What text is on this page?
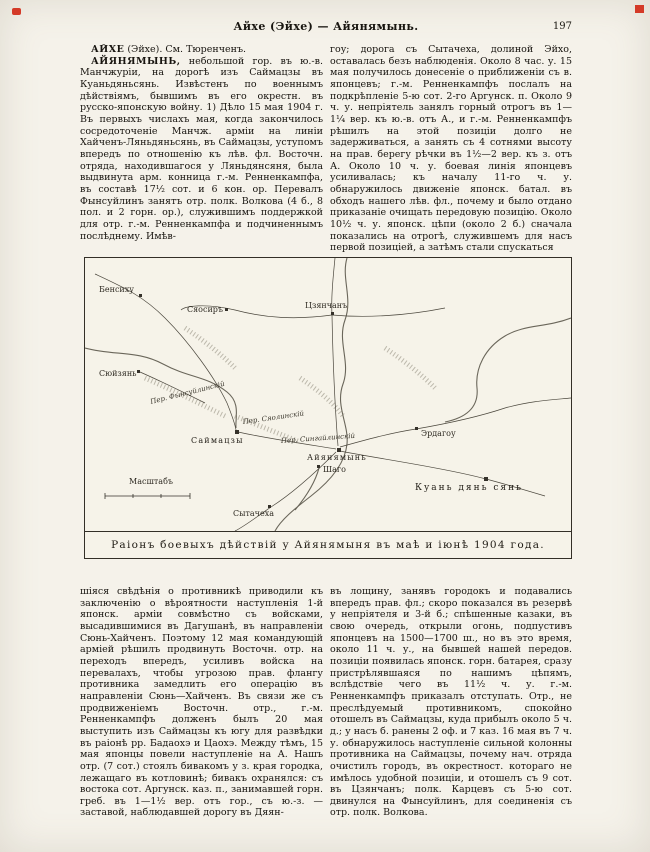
Айхе (Эйхе) — Айянямынь.	197

АЙХЕ (Эйхе). См. Тюренченъ.

АЙЯНЯМЫНЬ, небольшой гор. въ ю.-в. Манчжуріи, на дорогѣ изъ Саймацзы въ Куаньдяньсянь. Извѣстенъ по военнымъ дѣйствіямъ, бывшимъ въ его окрестн. въ русско-японскую войну. 1) Дѣло 15 мая 1904 г. Въ первыхъ числахъ мая, когда закончилось сосредоточеніе Манчж. арміи на линіи Хайченъ-Ляньдяньсянь, въ Саймацзы, уступомъ впередъ по отношенію къ лѣв. фл. Восточн. отряда, находившагося у Ляньдянсяня, была выдвинута арм. конница г.-м. Ренненкампфа, въ составѣ 17½ сот. и 6 кон. ор. Перевалъ Фынсуйлинъ занятъ отр. полк. Волкова (4 б., 8 пол. и 2 горн. ор.), служившимъ поддержкой для отр. г.-м. Ренненкампфа и подчиненнымъ послѣднему. Имѣв-

гоу; дорога съ Сытачеха, долиной Эйхо, оставалась безъ наблюденія. Около 8 час. у. 15 мая получилось донесеніе о приближеніи съ в. японцевъ; г.-м. Ренненкампфъ послалъ на подкрѣпленіе 5-ю сот. 2-го Аргунск. п. Около 9 ч. у. непріятель занялъ горный отрогъ въ 1—1¼ вер. къ ю.-в. отъ А., и г.-м. Ренненкампфъ рѣшилъ на этой позиціи долго не задерживаться, а занять съ 4 сотнями высоту на прав. берегу рѣчки въ 1½—2 вер. къ з. отъ А. Около 10 ч. у. боевая линія японцевъ усиливалась; къ началу 11-го ч. у. обнаружилось движеніе японск. батал. въ обходъ нашего лѣв. фл., почему и было отдано приказаніе очищать передовую позицію. Около 10½ ч. у. японск. цѣпи (около 2 б.) сначала показались на отрогѣ, служившемъ для насъ первой позиціей, а затѣмъ стали спускаться

Бенсиху
Сяосиръ	Цзянчанъ
Сюйзянь
Пер. Фынсуйлинскій
Пер. Сяолинскій
Пер. Сингайлинскій
Саймацзы
Айянямынь
Шаго
Эрдагоу
Куань дянь сянь
Сытачеха
Масштабъ
Раіонъ боевыхъ дѣйствій у Айянямыня въ маѣ и іюнѣ 1904 года.

шіяся свѣдѣнія о противникѣ приводили къ заключенію о вѣроятности наступленія 1-й японск. арміи совмѣстно съ войсками, высадившимися въ Дагушанѣ, въ направленіи Сюнь-Хайченъ. Поэтому 12 мая командующій арміей рѣшилъ продвинуть Восточн. отр. на переходъ впередъ, усиливъ войска на перевалахъ, чтобы угрозою прав. флангу противника замедлить его операцію въ направленіи Сюнь—Хайченъ. Въ связи же съ продвиженіемъ Восточн. отр., г.-м. Ренненкампфъ долженъ былъ 20 мая выступить изъ Саймацзы къ югу для развѣдки въ раіонѣ рр. Бадаохэ и Цаохэ. Между тѣмъ, 15 мая японцы повели наступленіе на А. Нашъ отр. (7 сот.) стоялъ бивакомъ у з. края городка, лежащаго въ котловинѣ; бивакъ охранялся: съ востока сот. Аргунск. каз. п., занимавшей горн. греб. въ 1—1½ вер. отъ гор., съ ю.-з. — заставой, наблюдавшей дорогу въ Дяян-

въ лощину, занявъ городокъ и подавались впередъ прав. фл.; скоро показался въ резервѣ у непріятеля и 3-й б.; спѣшенные казаки, въ свою очередь, открыли огонь, подпустивъ японцевъ на 1500—1700 ш., но въ это время, около 11 ч. у., на бывшей нашей передов. позиціи появилась японск. горн. батарея, сразу пристрѣлявшаяся по нашимъ цѣпямъ, вслѣдствіе чего въ 11½ ч. у. г.-м. Ренненкампфъ приказалъ отступать. Отр., не преслѣдуемый противникомъ, спокойно отошелъ въ Саймацзы, куда прибылъ около 5 ч. д.; у насъ б. ранены 2 оф. и 7 каз. 16 мая въ 7 ч. у. обнаружилось наступленіе сильной колонны противника на Саймацзы, почему нач. отряда очистилъ городъ, въ окрестност. котораго не имѣлось удобной позиціи, и отошелъ съ 9 сот. въ Цзянчанъ; полк. Карцевъ съ 5-ю сот. двинулся на Фынсуйлинъ, для соединенія съ отр. полк. Волкова.
